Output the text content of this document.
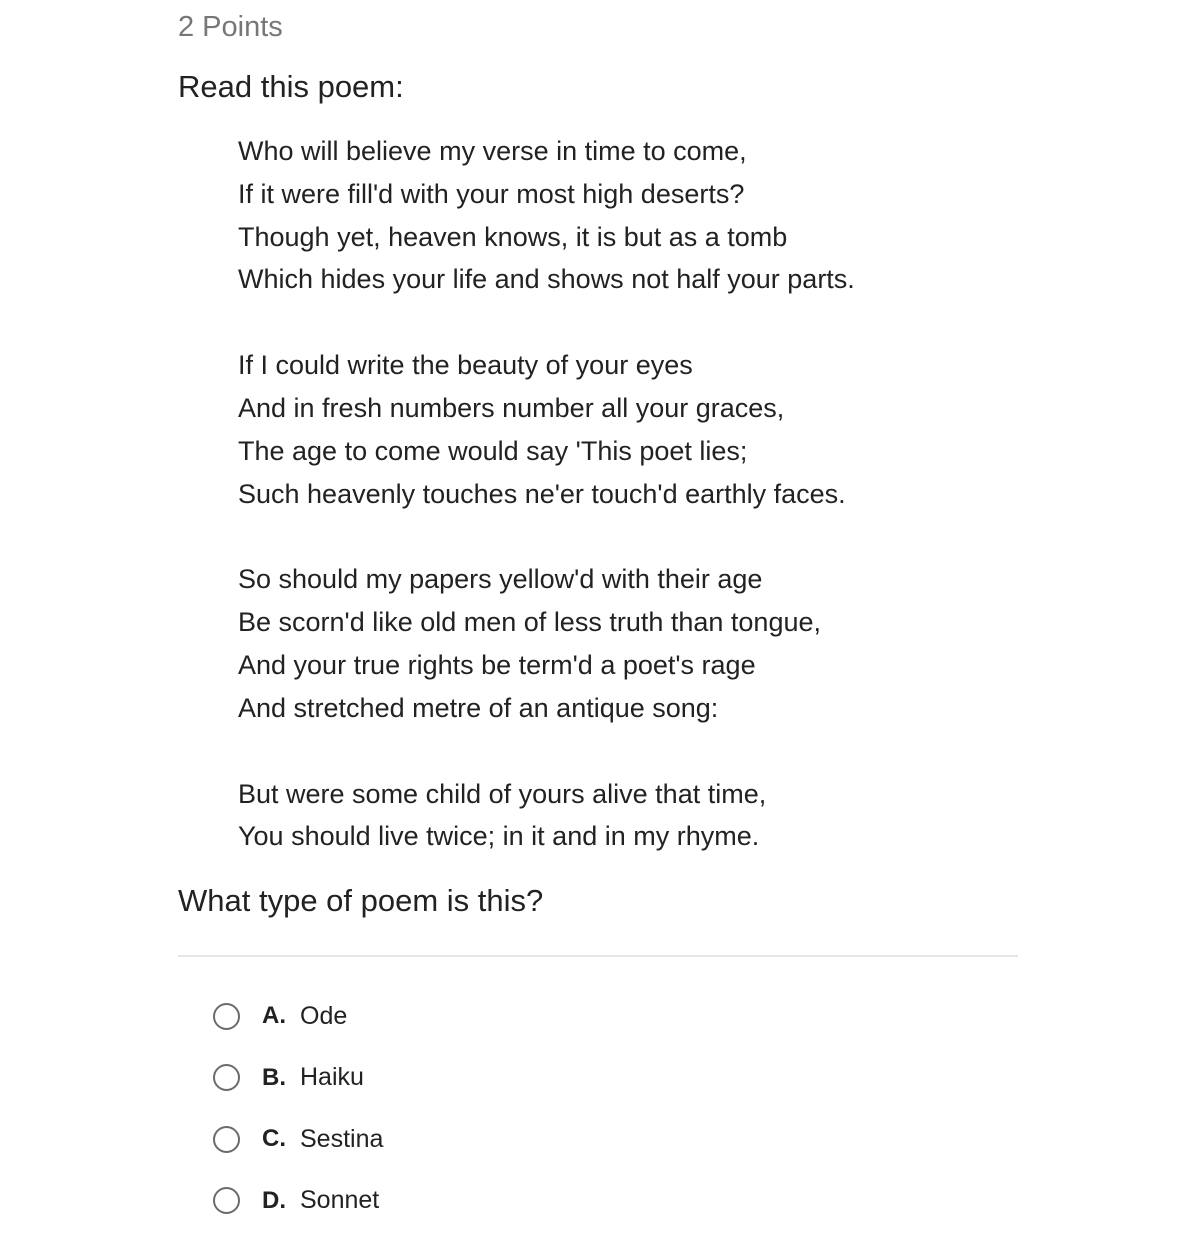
2 Points
Read this poem:
Who will believe my verse in time to come,
If it were fill'd with your most high deserts?
Though yet, heaven knows, it is but as a tomb
Which hides your life and shows not half your parts.
If I could write the beauty of your eyes
And in fresh numbers number all your graces,
The age to come would say 'This poet lies;
Such heavenly touches ne'er touch'd earthly faces.
So should my papers yellow'd with their age
Be scorn'd like old men of less truth than tongue,
And your true rights be term'd a poet's rage
And stretched metre of an antique song:
But were some child of yours alive that time,
You should live twice; in it and in my rhyme.
What type of poem is this?
A. Ode
B. Haiku
C. Sestina
D. Sonnet
